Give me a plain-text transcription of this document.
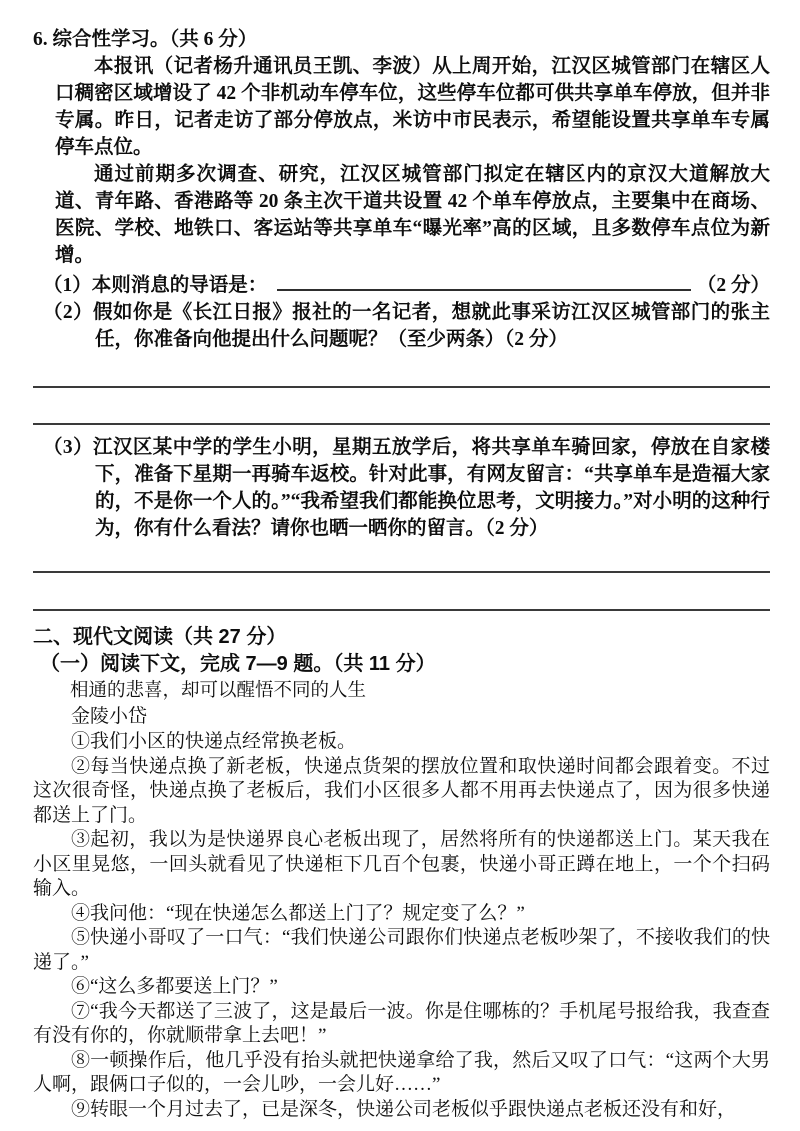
6. 综合性学习。（共 6 分）

本报讯（记者杨升通讯员王凯、李波）从上周开始，江汉区城管部门在辖区人口稠密区域增设了 42 个非机动车停车位，这些停车位都可供共享单车停放，但并非专属。昨日，记者走访了部分停放点，米访中市民表示，希望能设置共享单车专属停车点位。

通过前期多次调查、研究，江汉区城管部门拟定在辖区内的京汉大道解放大道、青年路、香港路等 20 条主次干道共设置 42 个单车停放点，主要集中在商场、医院、学校、地铁口、客运站等共享单车“曝光率”高的区域，且多数停车点位为新增。

（1）本则消息的导语是：	（2 分）

（2）假如你是《长江日报》报社的一名记者，想就此事采访江汉区城管部门的张主任，你准备向他提出什么问题呢？（至少两条）（2 分）

（3）江汉区某中学的学生小明，星期五放学后，将共享单车骑回家，停放在自家楼下，准备下星期一再骑车返校。针对此事，有网友留言：“共享单车是造福大家的，不是你一个人的。”“我希望我们都能换位思考，文明接力。”对小明的这种行为，你有什么看法？请你也晒一晒你的留言。（2 分）

二、现代文阅读（共 27 分）

（一）阅读下文，完成 7—9 题。（共 11 分）

相通的悲喜，却可以醒悟不同的人生

金陵小岱

①我们小区的快递点经常换老板。

②每当快递点换了新老板，快递点货架的摆放位置和取快递时间都会跟着变。不过这次很奇怪，快递点换了老板后，我们小区很多人都不用再去快递点了，因为很多快递都送上了门。

③起初，我以为是快递界良心老板出现了，居然将所有的快递都送上门。某天我在小区里晃悠，一回头就看见了快递柜下几百个包裹，快递小哥正蹲在地上，一个个扫码输入。

④我问他：“现在快递怎么都送上门了？规定变了么？”

⑤快递小哥叹了一口气：“我们快递公司跟你们快递点老板吵架了，不接收我们的快递了。”

⑥“这么多都要送上门？”

⑦“我今天都送了三波了，这是最后一波。你是住哪栋的？手机尾号报给我，我查查有没有你的，你就顺带拿上去吧！”

⑧一顿操作后，他几乎没有抬头就把快递拿给了我，然后又叹了口气：“这两个大男人啊，跟俩口子似的，一会儿吵，一会儿好……”

⑨转眼一个月过去了，已是深冬，快递公司老板似乎跟快递点老板还没有和好，
